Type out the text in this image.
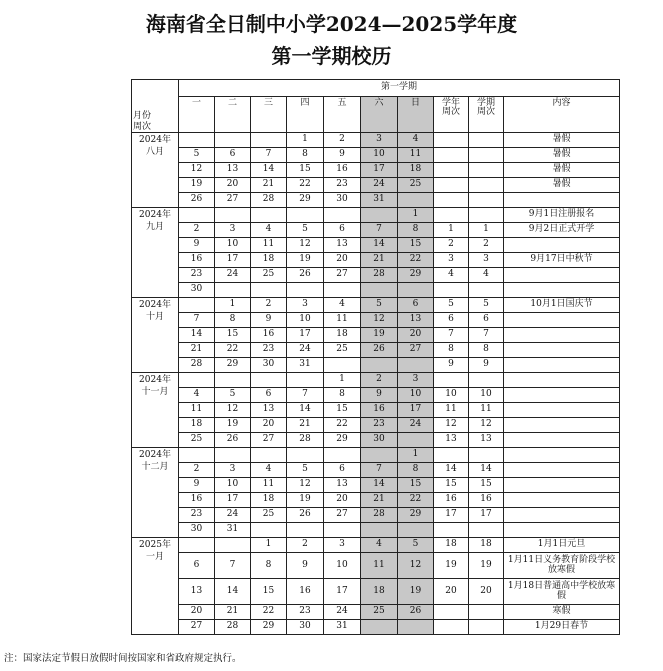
海南省全日制中小学2024—2025学年度
第一学期校历
月份
周次	第一学期									
	一	二	三	四	五	六	日	学年周次	学期周次	内容

2024年
八月				1	2	3	4			暑假
	5	6	7	8	9	10	11			暑假
	12	13	14	15	16	17	18			暑假
	19	20	21	22	23	24	25			暑假
	26	27	28	29	30	31				

2024年
九月							1			9月1日注册报名
	2	3	4	5	6	7	8	1	1	9月2日正式开学
	9	10	11	12	13	14	15	2	2	
	16	17	18	19	20	21	22	3	3	9月17日中秋节
	23	24	25	26	27	28	29	4	4	
	30									

2024年
十月		1	2	3	4	5	6	5	5	10月1日国庆节
	7	8	9	10	11	12	13	6	6	
	14	15	16	17	18	19	20	7	7	
	21	22	23	24	25	26	27	8	8	
	28	29	30	31				9	9	

2024年
十一月					1	2	3			
	4	5	6	7	8	9	10	10	10	
	11	12	13	14	15	16	17	11	11	
	18	19	20	21	22	23	24	12	12	
	25	26	27	28	29	30		13	13	

2024年
十二月							1			
	2	3	4	5	6	7	8	14	14	
	9	10	11	12	13	14	15	15	15	
	16	17	18	19	20	21	22	16	16	
	23	24	25	26	27	28	29	17	17	
	30	31								

2025年
一月			1	2	3	4	5	18	18	1月1日元旦
	6	7	8	9	10	11	12	19	19	1月11日义务教育阶段学校放寒假
	13	14	15	16	17	18	19	20	20	1月18日普通高中学校放寒假
	20	21	22	23	24	25	26			寒假
	27	28	29	30	31					1月29日春节
注：国家法定节假日放假时间按国家和省政府规定执行。
